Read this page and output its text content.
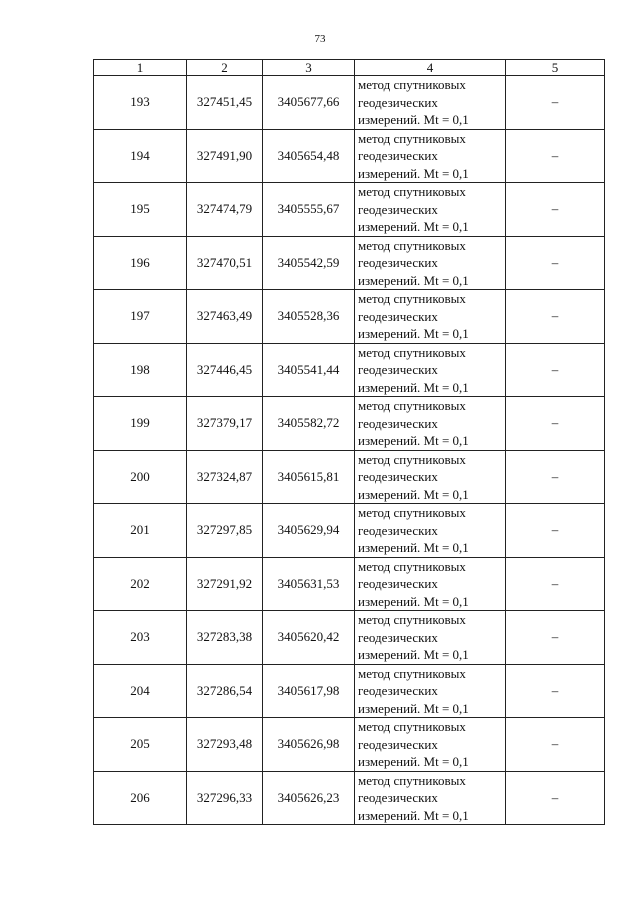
73
1	2	3	4	5
193	327451,45	3405677,66	метод спутниковых
геодезических
измерений. Mt = 0,1	–
194	327491,90	3405654,48	метод спутниковых
геодезических
измерений. Mt = 0,1	–
195	327474,79	3405555,67	метод спутниковых
геодезических
измерений. Mt = 0,1	–
196	327470,51	3405542,59	метод спутниковых
геодезических
измерений. Mt = 0,1	–
197	327463,49	3405528,36	метод спутниковых
геодезических
измерений. Mt = 0,1	–
198	327446,45	3405541,44	метод спутниковых
геодезических
измерений. Mt = 0,1	–
199	327379,17	3405582,72	метод спутниковых
геодезических
измерений. Mt = 0,1	–
200	327324,87	3405615,81	метод спутниковых
геодезических
измерений. Mt = 0,1	–
201	327297,85	3405629,94	метод спутниковых
геодезических
измерений. Mt = 0,1	–
202	327291,92	3405631,53	метод спутниковых
геодезических
измерений. Mt = 0,1	–
203	327283,38	3405620,42	метод спутниковых
геодезических
измерений. Mt = 0,1	–
204	327286,54	3405617,98	метод спутниковых
геодезических
измерений. Mt = 0,1	–
205	327293,48	3405626,98	метод спутниковых
геодезических
измерений. Mt = 0,1	–
206	327296,33	3405626,23	метод спутниковых
геодезических
измерений. Mt = 0,1	–
